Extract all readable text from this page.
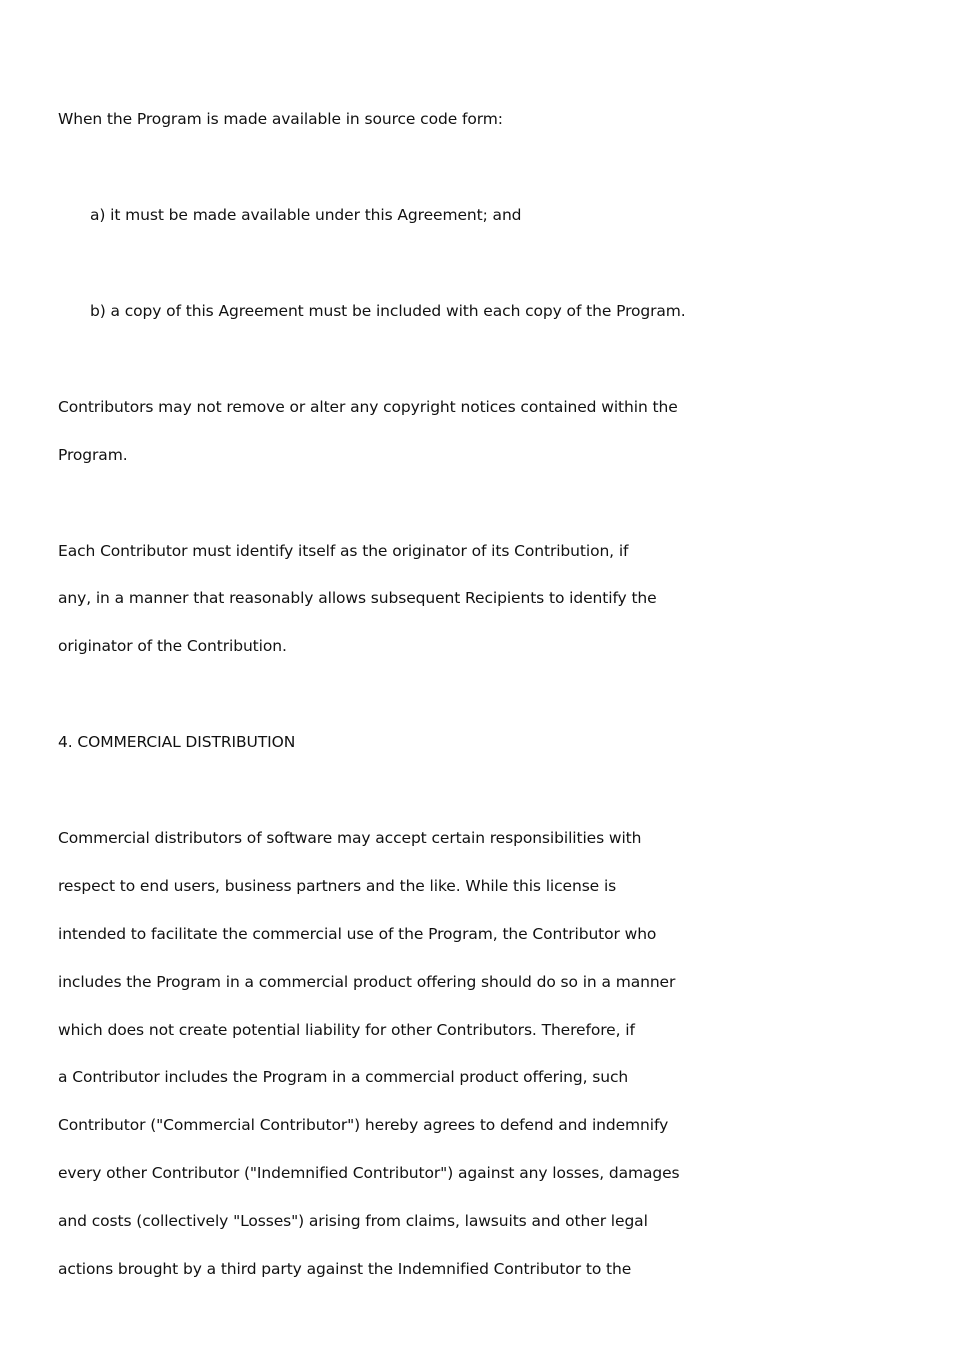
When the Program is made available in source code form:
a) it must be made available under this Agreement; and
b) a copy of this Agreement must be included with each copy of the Program.
Contributors may not remove or alter any copyright notices contained within the
Program.
Each Contributor must identify itself as the originator of its Contribution, if
any, in a manner that reasonably allows subsequent Recipients to identify the
originator of the Contribution.
4. COMMERCIAL DISTRIBUTION
Commercial distributors of software may accept certain responsibilities with
respect to end users, business partners and the like. While this license is
intended to facilitate the commercial use of the Program, the Contributor who
includes the Program in a commercial product offering should do so in a manner
which does not create potential liability for other Contributors. Therefore, if
a Contributor includes the Program in a commercial product offering, such
Contributor ("Commercial Contributor") hereby agrees to defend and indemnify
every other Contributor ("Indemnified Contributor") against any losses, damages
and costs (collectively "Losses") arising from claims, lawsuits and other legal
actions brought by a third party against the Indemnified Contributor to the
